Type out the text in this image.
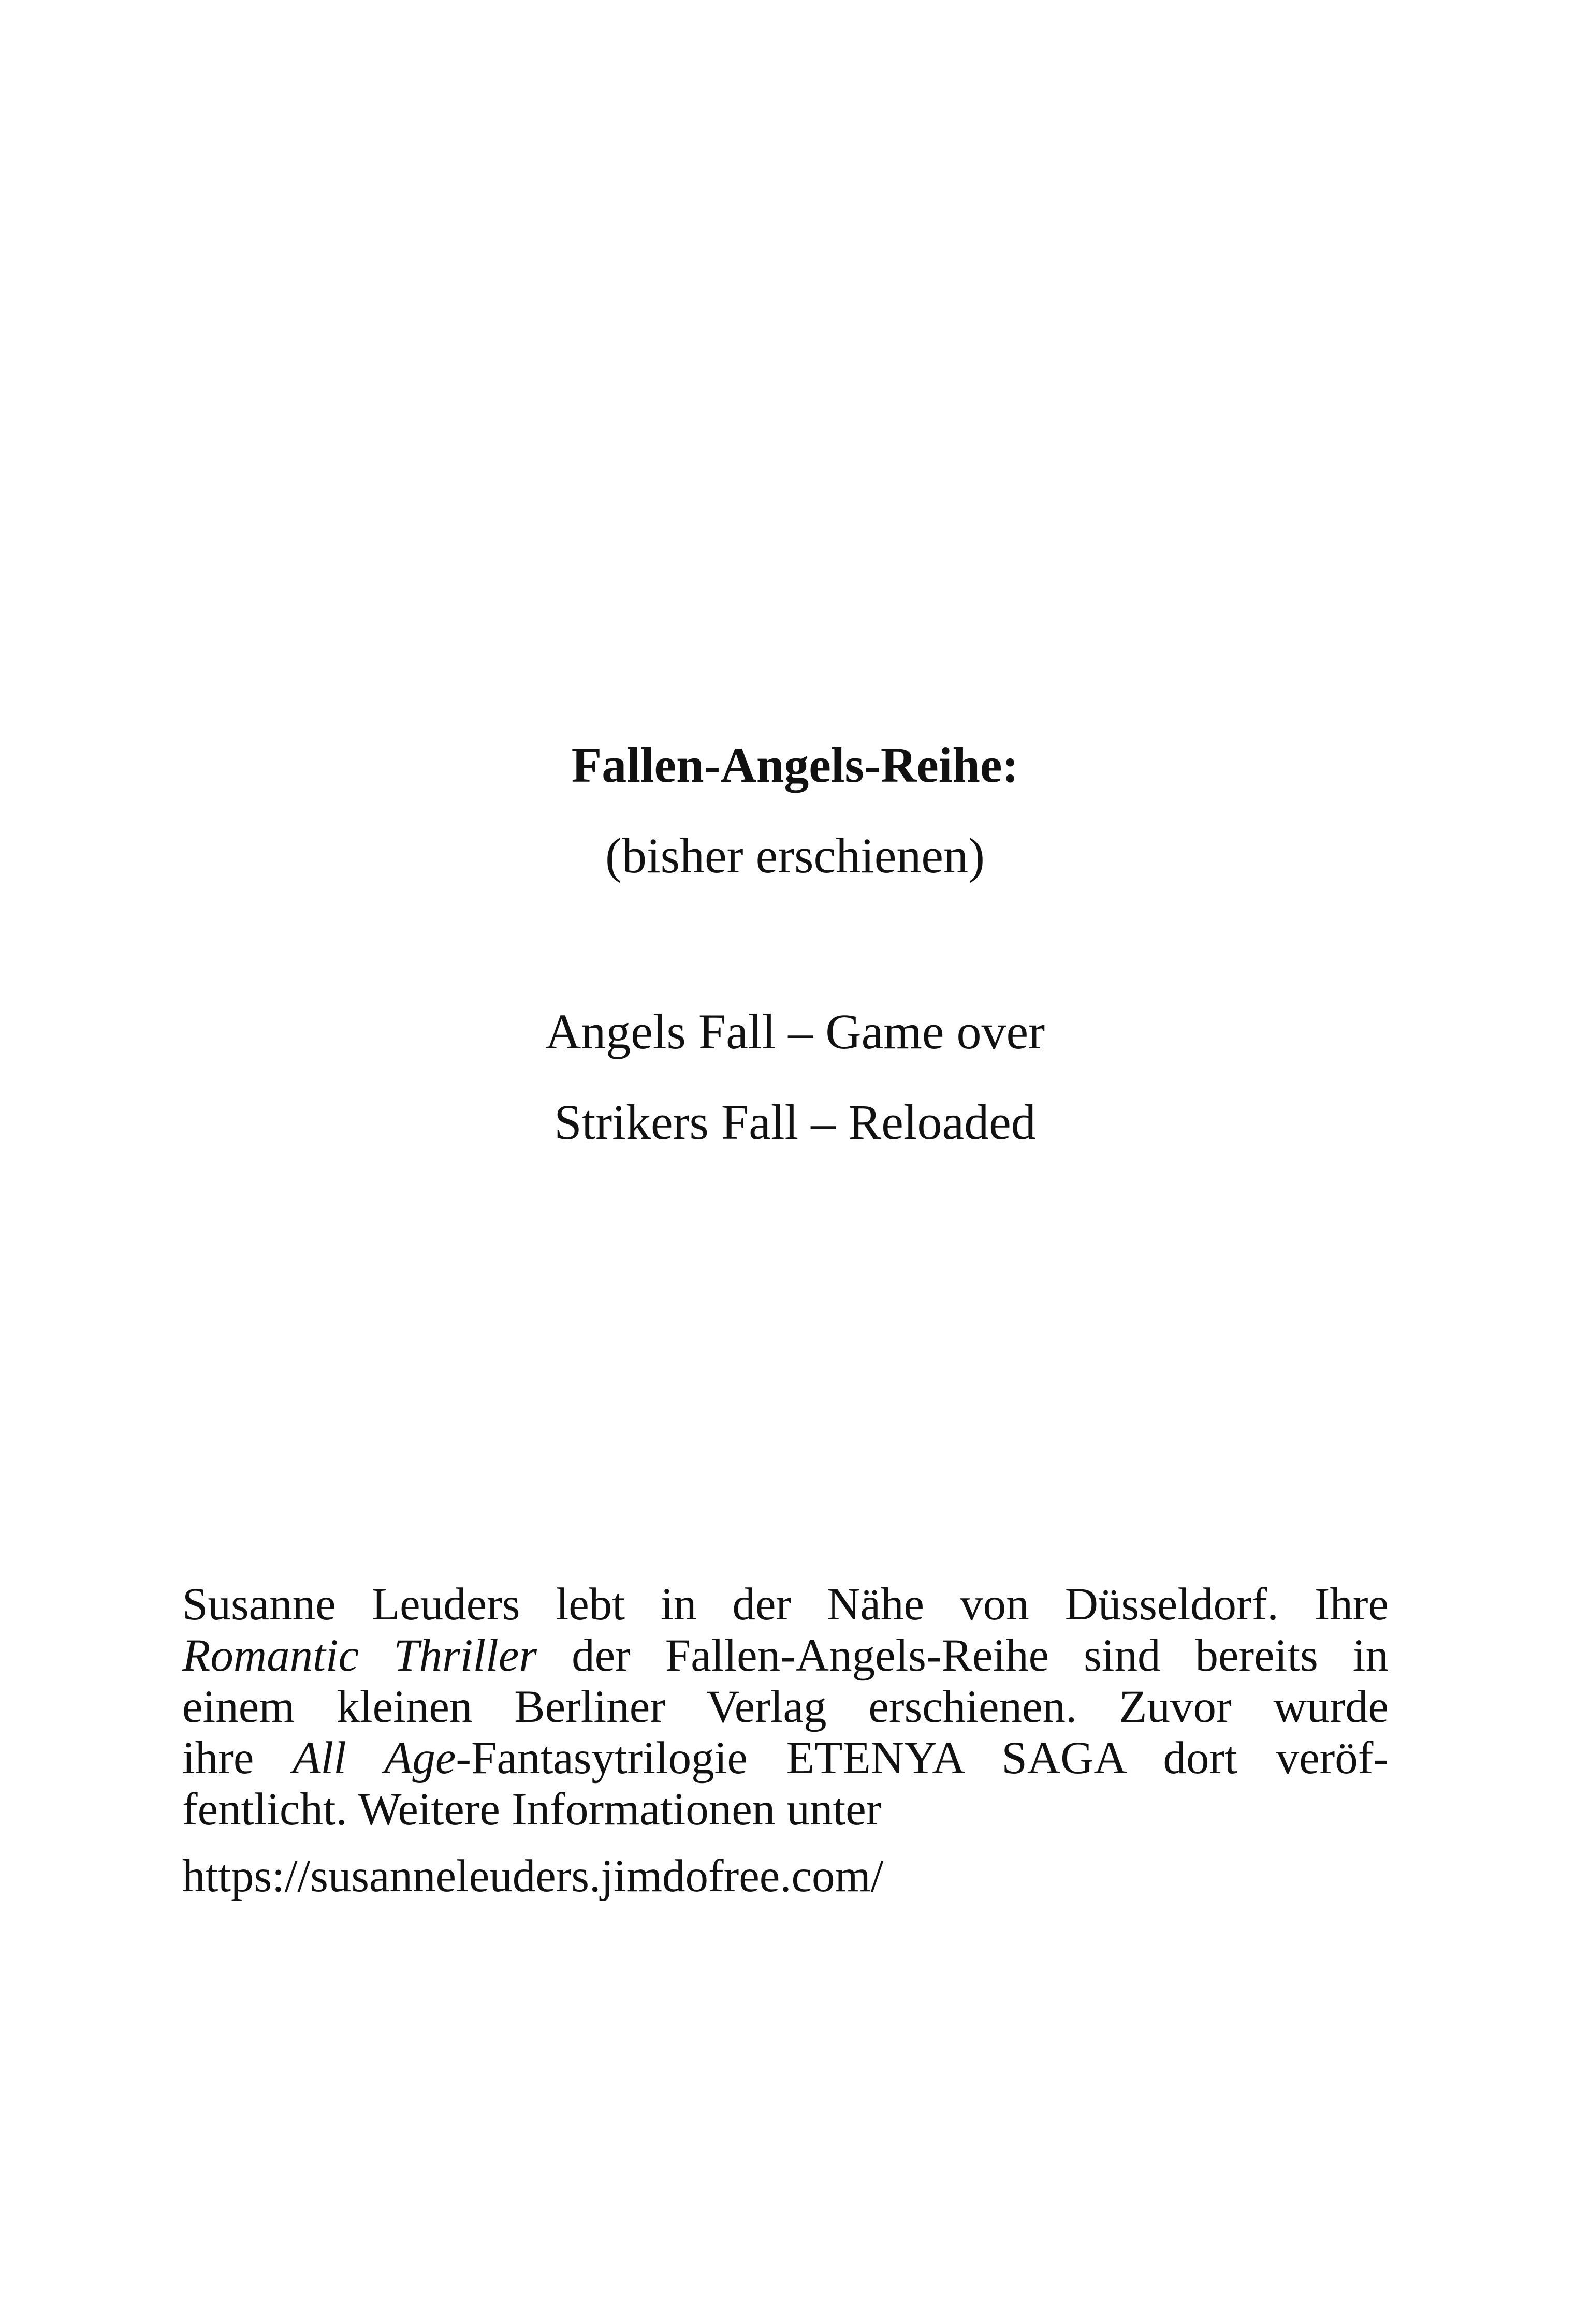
Fallen-Angels-Reihe:
(bisher erschienen)
Angels Fall – Game over
Strikers Fall – Reloaded
Susanne Leuders lebt in der Nähe von Düsseldorf. Ihre
Romantic Thriller der Fallen-Angels-Reihe sind bereits in
einem kleinen Berliner Verlag erschienen. Zuvor wurde
ihre All Age-Fantasytrilogie ETENYA SAGA dort veröf-
fentlicht. Weitere Informationen unter
https://susanneleuders.jimdofree.com/
